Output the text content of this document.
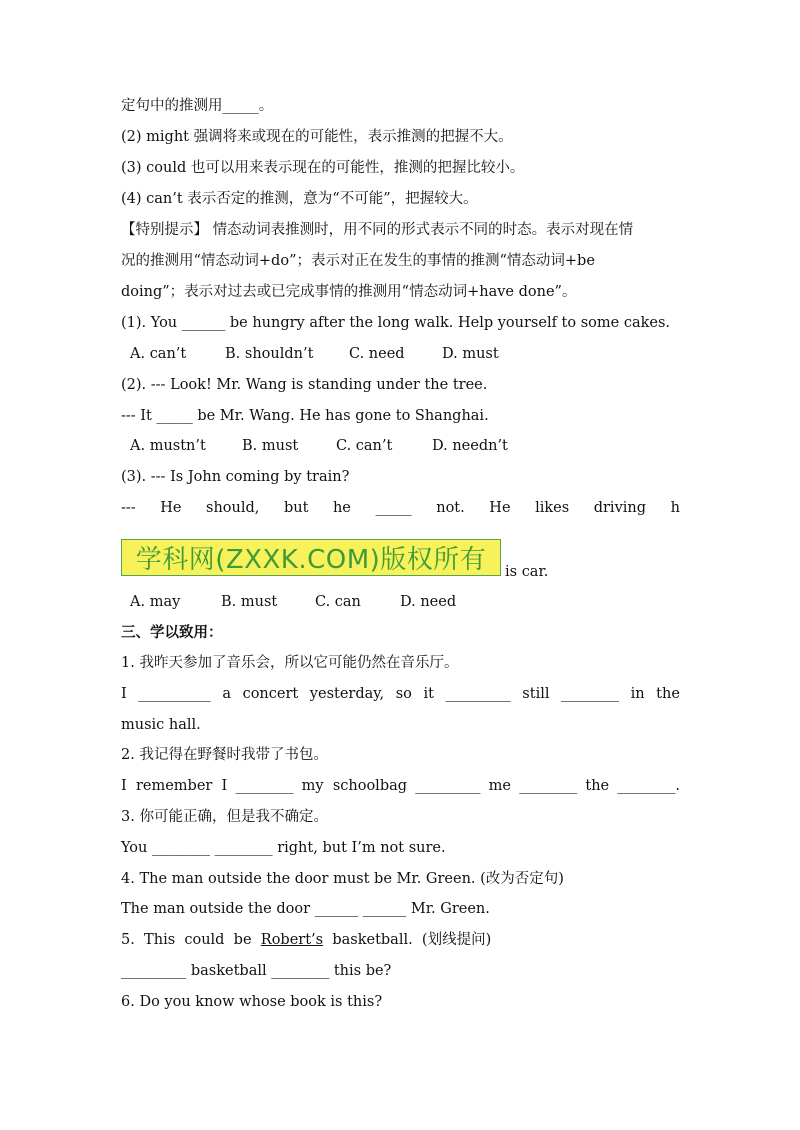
定句中的推测用_____。
(2) might 强调将来或现在的可能性，表示推测的把握不大。
(3) could 也可以用来表示现在的可能性，推测的把握比较小。
(4) can’t 表示否定的推测，意为“不可能”，把握较大。
【特别提示】 情态动词表推测时，用不同的形式表示不同的时态。表示对现在情
况的推测用“情态动词+do”；表示对正在发生的事情的推测“情态动词+be
doing”；表示对过去或已完成事情的推测用“情态动词+have done”。
(1). You ______ be hungry after the long walk. Help yourself to some cakes.
A. can’t	B. shouldn’t C. need	D. must
(2). --- Look! Mr. Wang is standing under the tree.
--- It _____ be Mr. Wang. He has gone to Shanghai.
A. mustn’t B. must	C. can’t	D. needn’t
(3). --- Is John coming by train?
--- He should, but he _____ not. He likes driving h
学科网(ZXXK.COM)版权所有	is car.
A. may	B. must	C. can	D. need
三、学以致用：
1. 我昨天参加了音乐会，所以它可能仍然在音乐厅。
I __________ a concert yesterday, so it _________ still ________ in the
music hall.
2. 我记得在野餐时我带了书包。
I  remember  I ________ my  schoolbag _________ me ________ the ________.
3. 你可能正确，但是我不确定。
You ________ ________ right, but I’m not sure.
4. The man outside the door must be Mr. Green. (改为否定句)
The man outside the door ______ ______ Mr. Green.
5.  This  could  be  Robert’s  basketball.  (划线提问)
_________ basketball ________ this be?
6. Do you know whose book is this?
